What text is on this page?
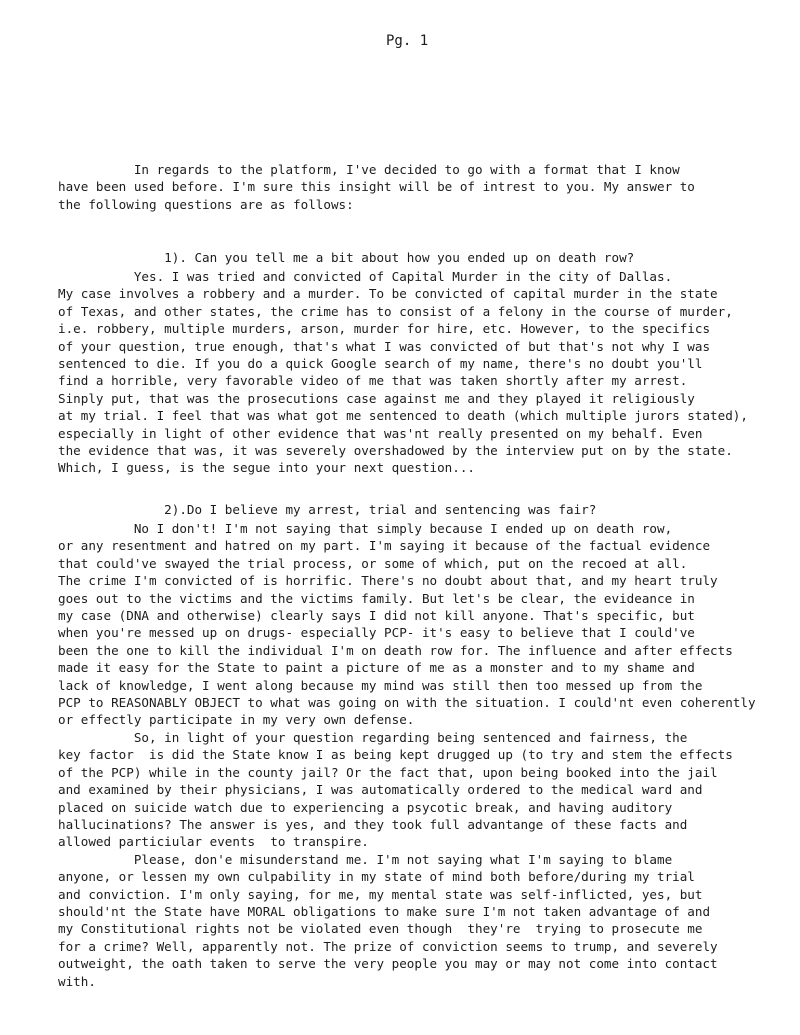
Pg. 1
In regards to the platform, I've decided to go with a format that I know
have been used before. I'm sure this insight will be of intrest to you. My answer to
the following questions are as follows:
1). Can you tell me a bit about how you ended up on death row?
Yes. I was tried and convicted of Capital Murder in the city of Dallas.
My case involves a robbery and a murder. To be convicted of capital murder in the state
of Texas, and other states, the crime has to consist of a felony in the course of murder,
i.e. robbery, multiple murders, arson, murder for hire, etc. However, to the specifics
of your question, true enough, that's what I was convicted of but that's not why I was
sentenced to die. If you do a quick Google search of my name, there's no doubt you'll
find a horrible, very favorable video of me that was taken shortly after my arrest.
Sinply put, that was the prosecutions case against me and they played it religiously
at my trial. I feel that was what got me sentenced to death (which multiple jurors stated),
especially in light of other evidence that was'nt really presented on my behalf. Even
the evidence that was, it was severely overshadowed by the interview put on by the state.
Which, I guess, is the segue into your next question...
2).Do I believe my arrest, trial and sentencing was fair?
No I don't! I'm not saying that simply because I ended up on death row,
or any resentment and hatred on my part. I'm saying it because of the factual evidence
that could've swayed the trial process, or some of which, put on the recoed at all.
The crime I'm convicted of is horrific. There's no doubt about that, and my heart truly
goes out to the victims and the victims family. But let's be clear, the evideance in
my case (DNA and otherwise) clearly says I did not kill anyone. That's specific, but
when you're messed up on drugs- especially PCP- it's easy to believe that I could've
been the one to kill the individual I'm on death row for. The influence and after effects
made it easy for the State to paint a picture of me as a monster and to my shame and
lack of knowledge, I went along because my mind was still then too messed up from the
PCP to REASONABLY OBJECT to what was going on with the situation. I could'nt even coherently
or effectly participate in my very own defense.
So, in light of your question regarding being sentenced and fairness, the
key factor  is did the State know I as being kept drugged up (to try and stem the effects
of the PCP) while in the county jail? Or the fact that, upon being booked into the jail
and examined by their physicians, I was automatically ordered to the medical ward and
placed on suicide watch due to experiencing a psycotic break, and having auditory
hallucinations? The answer is yes, and they took full advantange of these facts and
allowed particiular events  to transpire.
Please, don'e misunderstand me. I'm not saying what I'm saying to blame
anyone, or lessen my own culpability in my state of mind both before/during my trial
and conviction. I'm only saying, for me, my mental state was self-inflicted, yes, but
should'nt the State have MORAL obligations to make sure I'm not taken advantage of and
my Constitutional rights not be violated even though  they're  trying to prosecute me
for a crime? Well, apparently not. The prize of conviction seems to trump, and severely
outweight, the oath taken to serve the very people you may or may not come into contact
with.
